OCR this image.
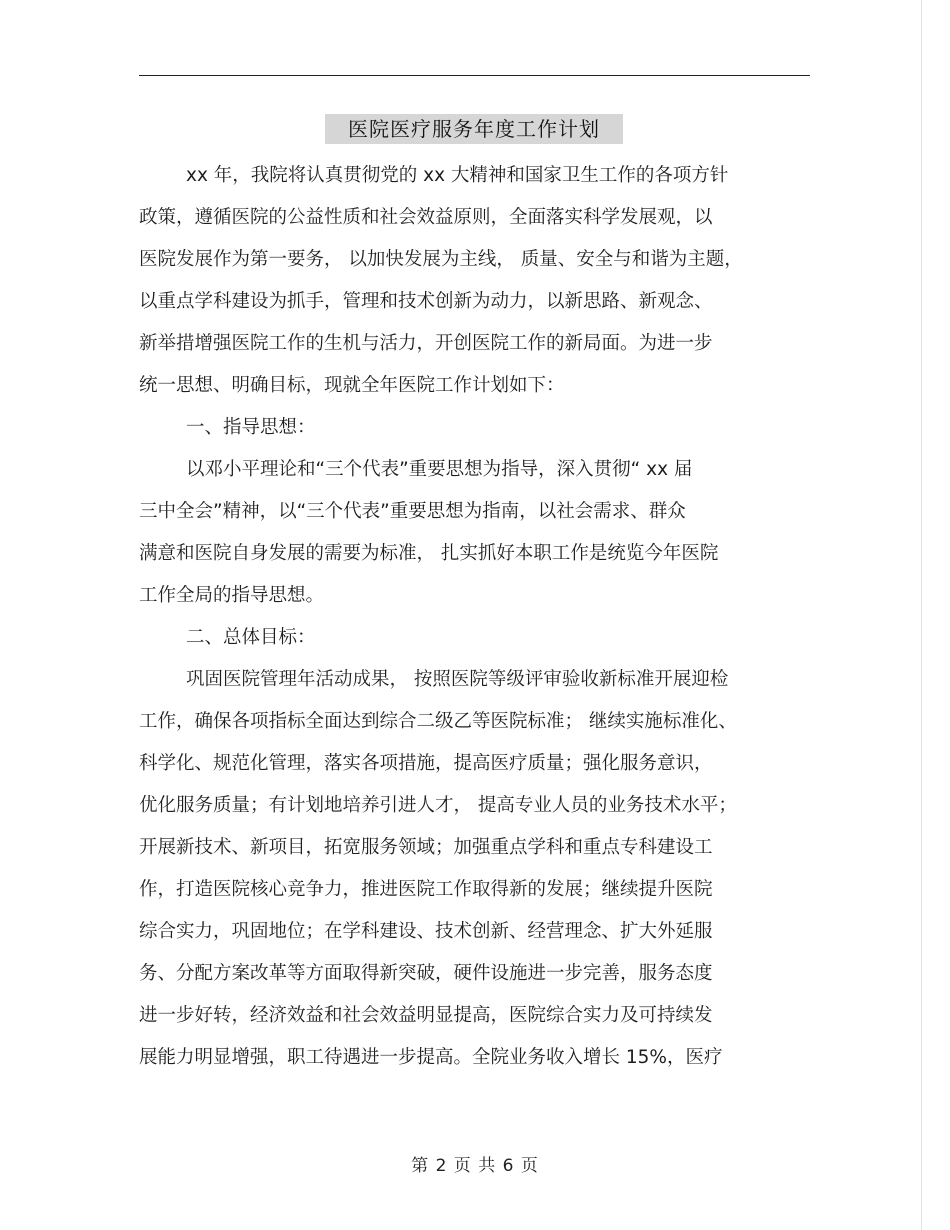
医院医疗服务年度工作计划
xx 年，我院将认真贯彻党的 xx 大精神和国家卫生工作的各项方针
政策，遵循医院的公益性质和社会效益原则，全面落实科学发展观，以
医院发展作为第一要务， 以加快发展为主线， 质量、安全与和谐为主题，
以重点学科建设为抓手，管理和技术创新为动力，以新思路、新观念、
新举措增强医院工作的生机与活力，开创医院工作的新局面。为进一步
统一思想、明确目标，现就全年医院工作计划如下：
一、指导思想：
以邓小平理论和“三个代表”重要思想为指导，深入贯彻“ xx 届
三中全会”精神，以“三个代表”重要思想为指南，以社会需求、群众
满意和医院自身发展的需要为标准， 扎实抓好本职工作是统览今年医院
工作全局的指导思想。
二、总体目标：
巩固医院管理年活动成果， 按照医院等级评审验收新标准开展迎检
工作，确保各项指标全面达到综合二级乙等医院标准； 继续实施标准化、
科学化、规范化管理，落实各项措施，提高医疗质量；强化服务意识，
优化服务质量；有计划地培养引进人才， 提高专业人员的业务技术水平；
开展新技术、新项目，拓宽服务领域；加强重点学科和重点专科建设工
作，打造医院核心竞争力，推进医院工作取得新的发展；继续提升医院
综合实力，巩固地位；在学科建设、技术创新、经营理念、扩大外延服
务、分配方案改革等方面取得新突破，硬件设施进一步完善，服务态度
进一步好转，经济效益和社会效益明显提高，医院综合实力及可持续发
展能力明显增强，职工待遇进一步提高。全院业务收入增长 15%，医疗
第 2 页 共 6 页
